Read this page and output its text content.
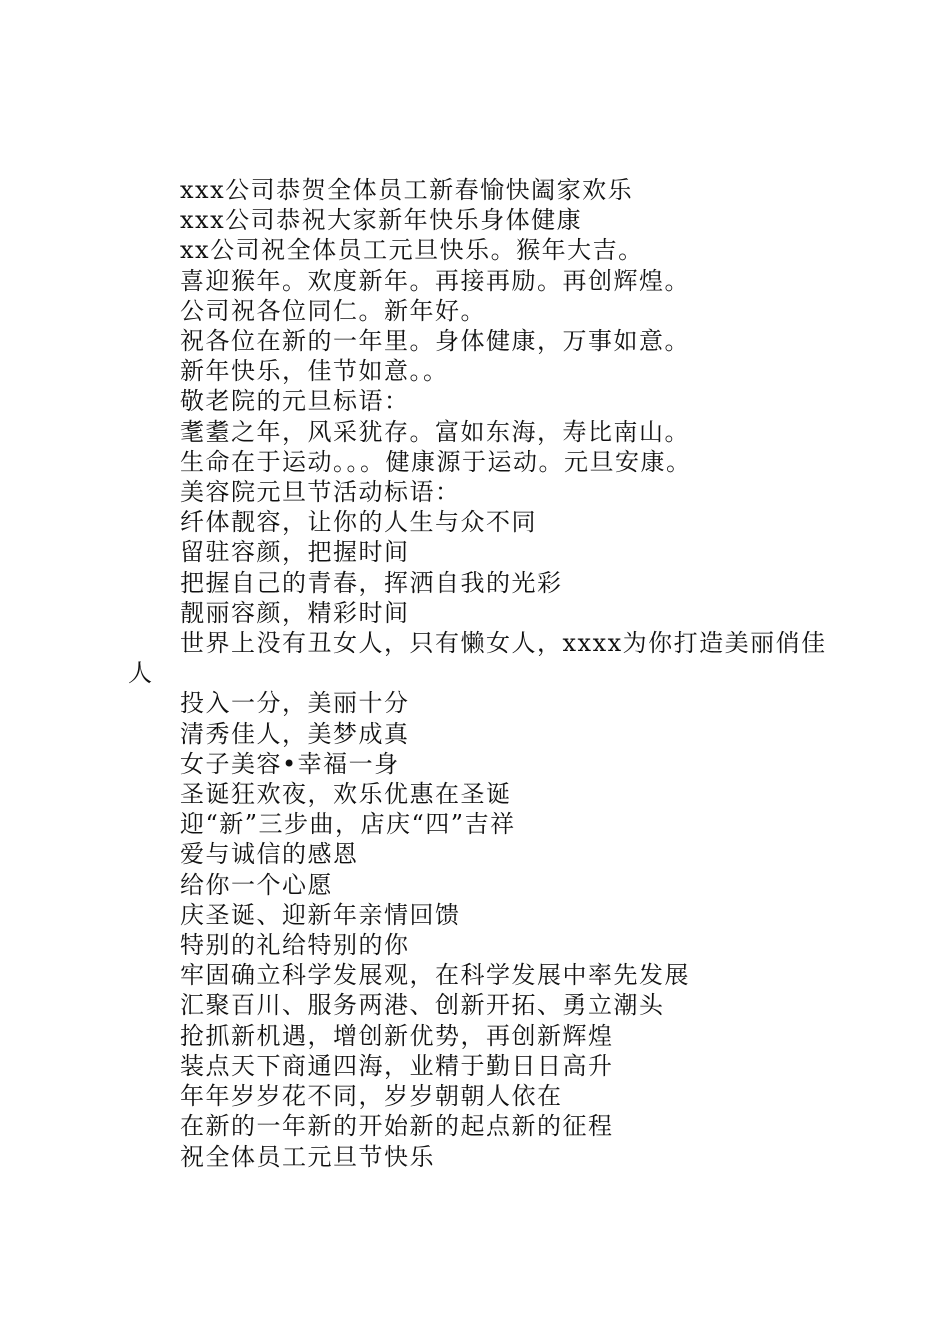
xxx公司恭贺全体员工新春愉快阖家欢乐
xxx公司恭祝大家新年快乐身体健康
xx公司祝全体员工元旦快乐。猴年大吉。
喜迎猴年。欢度新年。再接再励。再创辉煌。
公司祝各位同仁。新年好。
祝各位在新的一年里。身体健康，万事如意。
新年快乐，佳节如意。。
敬老院的元旦标语：
耄耋之年，风采犹存。富如东海，寿比南山。
生命在于运动。。。健康源于运动。元旦安康。
美容院元旦节活动标语：
纤体靓容，让你的人生与众不同
留驻容颜，把握时间
把握自己的青春，挥洒自我的光彩
靓丽容颜，精彩时间
世界上没有丑女人，只有懒女人，xxxx为你打造美丽俏佳
人
投入一分，美丽十分
清秀佳人，美梦成真
女子美容•幸福一身
圣诞狂欢夜，欢乐优惠在圣诞
迎“新”三步曲，店庆“四”吉祥
爱与诚信的感恩
给你一个心愿
庆圣诞、迎新年亲情回馈
特别的礼给特别的你
牢固确立科学发展观，在科学发展中率先发展
汇聚百川、服务两港、创新开拓、勇立潮头
抢抓新机遇，增创新优势，再创新辉煌
装点天下商通四海，业精于勤日日高升
年年岁岁花不同，岁岁朝朝人依在
在新的一年新的开始新的起点新的征程
祝全体员工元旦节快乐
